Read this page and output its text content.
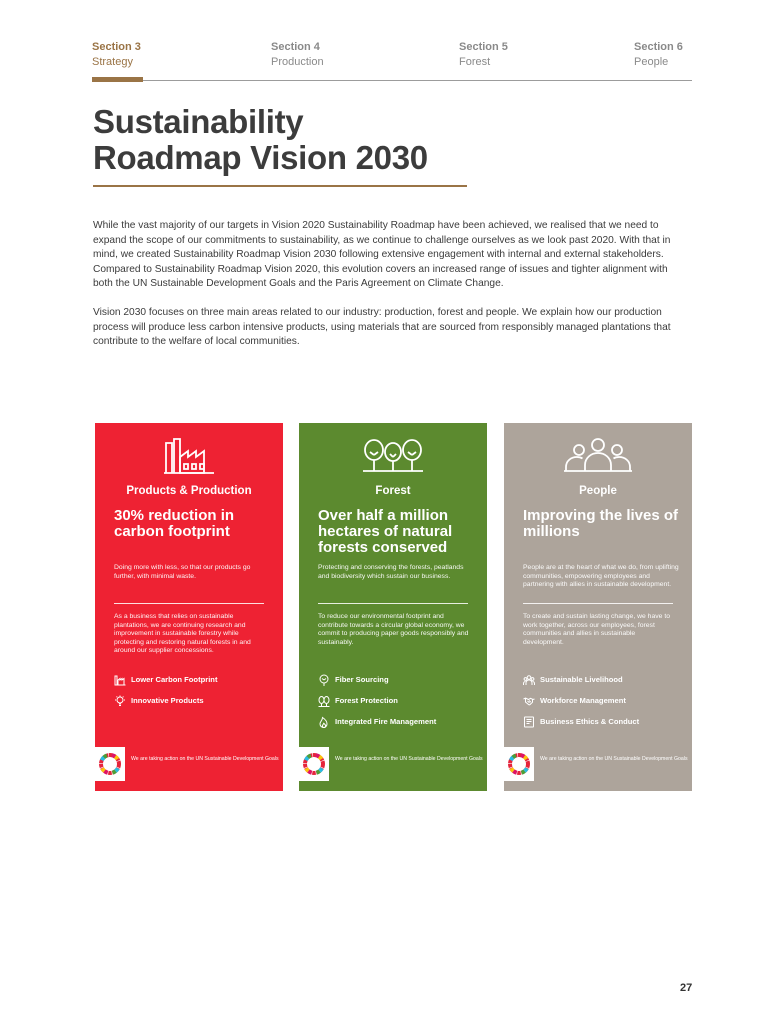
Section 3
Strategy
Section 4
Production
Section 5
Forest
Section 6
People
Sustainability
Roadmap Vision 2030

While the vast majority of our targets in Vision 2020 Sustainability Roadmap have been achieved, we realised that we need to expand the scope of our commitments to sustainability, as we continue to challenge ourselves as we look past 2020. With that in mind, we created Sustainability Roadmap Vision 2030 following extensive engagement with internal and external stakeholders. Compared to Sustainability Roadmap Vision 2020, this evolution covers an increased range of issues and tighter alignment with both the UN Sustainable Development Goals and the Paris Agreement on Climate Change.

Vision 2030 focuses on three main areas related to our industry: production, forest and people. We explain how our production process will produce less carbon intensive products, using materials that are sourced from responsibly managed plantations that contribute to the welfare of local communities.

Products & Production
30% reduction in carbon footprint
Doing more with less, so that our products go further, with minimal waste.
As a business that relies on sustainable plantations, we are continuing research and improvement in sustainable forestry while protecting and restoring natural forests in and around our supplier concessions.
Lower Carbon Footprint
Innovative Products
We are taking action on the UN Sustainable Development Goals
Forest
Over half a million hectares of natural forests conserved
Protecting and conserving the forests, peatlands and biodiversity which sustain our business.
To reduce our environmental footprint and contribute towards a circular global economy, we commit to producing paper goods responsibly and sustainably.
Fiber Sourcing
Forest Protection
Integrated Fire Management
We are taking action on the UN Sustainable Development Goals
People
Improving the lives of millions
People are at the heart of what we do, from uplifting communities, empowering employees and partnering with allies in sustainable development.
To create and sustain lasting change, we have to work together, across our employees, forest communities and allies in sustainable development.
Sustainable Livelihood
Workforce Management
Business Ethics & Conduct
We are taking action on the UN Sustainable Development Goals
27
